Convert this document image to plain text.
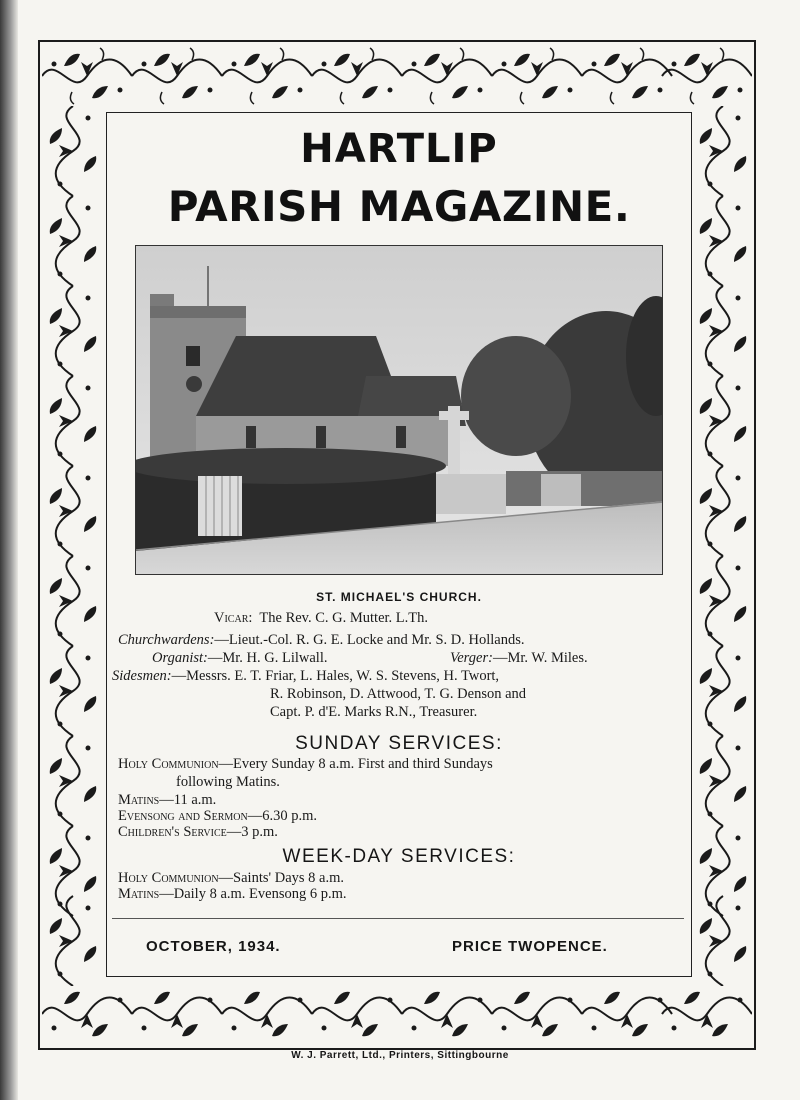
HARTLIP
PARISH MAGAZINE.
ST. MICHAEL'S CHURCH.
Vicar: The Rev. C. G. Mutter. L.Th.
Churchwardens:—Lieut.-Col. R. G. E. Locke and Mr. S. D. Hollands.
Organist:—Mr. H. G. Lilwall.	Verger:—Mr. W. Miles.
Sidesmen:—Messrs. E. T. Friar, L. Hales, W. S. Stevens, H. Twort,
R. Robinson, D. Attwood, T. G. Denson and
Capt. P. d'E. Marks R.N., Treasurer.
SUNDAY SERVICES:
Holy Communion—Every Sunday 8 a.m. First and third Sundays
following Matins.
Matins—11 a.m.
Evensong and Sermon—6.30 p.m.
Children's Service—3 p.m.
WEEK-DAY SERVICES:
Holy Communion—Saints' Days 8 a.m.
Matins—Daily 8 a.m. Evensong 6 p.m.
OCTOBER, 1934.	PRICE TWOPENCE.
W. J. Parrett, Ltd., Printers, Sittingbourne
